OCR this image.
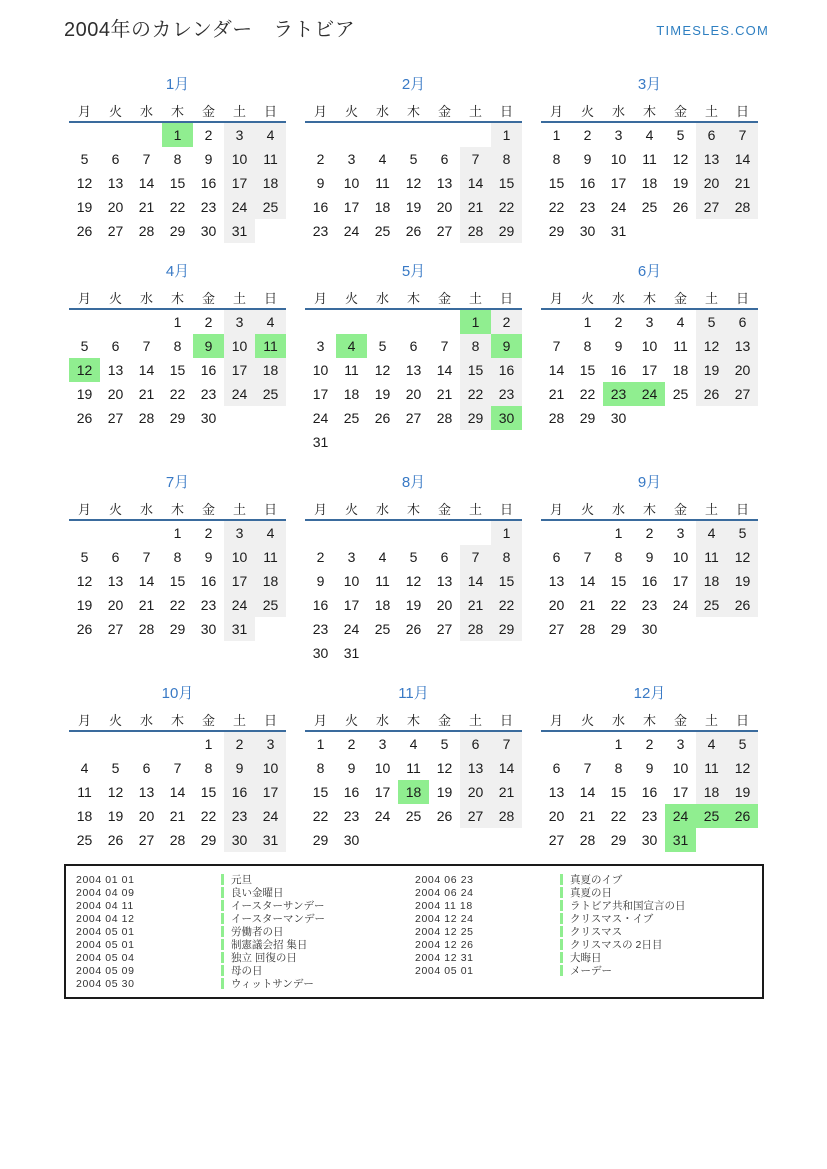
2004年のカレンダー　ラトビア	TIMESLES.COM
1月
月	火	水	木	金	土	日
			1	2	3	4
5	6	7	8	9	10	11
12	13	14	15	16	17	18
19	20	21	22	23	24	25
26	27	28	29	30	31	
2月
月	火	水	木	金	土	日
						1
2	3	4	5	6	7	8
9	10	11	12	13	14	15
16	17	18	19	20	21	22
23	24	25	26	27	28	29
3月
月	火	水	木	金	土	日
1	2	3	4	5	6	7
8	9	10	11	12	13	14
15	16	17	18	19	20	21
22	23	24	25	26	27	28
29	30	31				
4月
月	火	水	木	金	土	日
			1	2	3	4
5	6	7	8	9	10	11
12	13	14	15	16	17	18
19	20	21	22	23	24	25
26	27	28	29	30		
5月
月	火	水	木	金	土	日
					1	2
3	4	5	6	7	8	9
10	11	12	13	14	15	16
17	18	19	20	21	22	23
24	25	26	27	28	29	30
31						
6月
月	火	水	木	金	土	日
	1	2	3	4	5	6
7	8	9	10	11	12	13
14	15	16	17	18	19	20
21	22	23	24	25	26	27
28	29	30				
7月
月	火	水	木	金	土	日
			1	2	3	4
5	6	7	8	9	10	11
12	13	14	15	16	17	18
19	20	21	22	23	24	25
26	27	28	29	30	31	
8月
月	火	水	木	金	土	日
						1
2	3	4	5	6	7	8
9	10	11	12	13	14	15
16	17	18	19	20	21	22
23	24	25	26	27	28	29
30	31					
9月
月	火	水	木	金	土	日
		1	2	3	4	5
6	7	8	9	10	11	12
13	14	15	16	17	18	19
20	21	22	23	24	25	26
27	28	29	30			
10月
月	火	水	木	金	土	日
				1	2	3
4	5	6	7	8	9	10
11	12	13	14	15	16	17
18	19	20	21	22	23	24
25	26	27	28	29	30	31
11月
月	火	水	木	金	土	日
1	2	3	4	5	6	7
8	9	10	11	12	13	14
15	16	17	18	19	20	21
22	23	24	25	26	27	28
29	30					
12月
月	火	水	木	金	土	日
		1	2	3	4	5
6	7	8	9	10	11	12
13	14	15	16	17	18	19
20	21	22	23	24	25	26
27	28	29	30	31		
2004 01 01	元旦
2004 04 09	良い金曜日
2004 04 11	イースターサンデー
2004 04 12	イースターマンデー
2004 05 01	労働者の日
2004 05 01	制憲議会招 集日
2004 05 04	独立 回復の日
2004 05 09	母の日
2004 05 30	ウィットサンデー
2004 06 23	真夏のイブ
2004 06 24	真夏の日
2004 11 18	ラトビア共和国宣言の日
2004 12 24	クリスマス・イブ
2004 12 25	クリスマス
2004 12 26	クリスマスの 2日目
2004 12 31	大晦日
2004 05 01	メーデー
